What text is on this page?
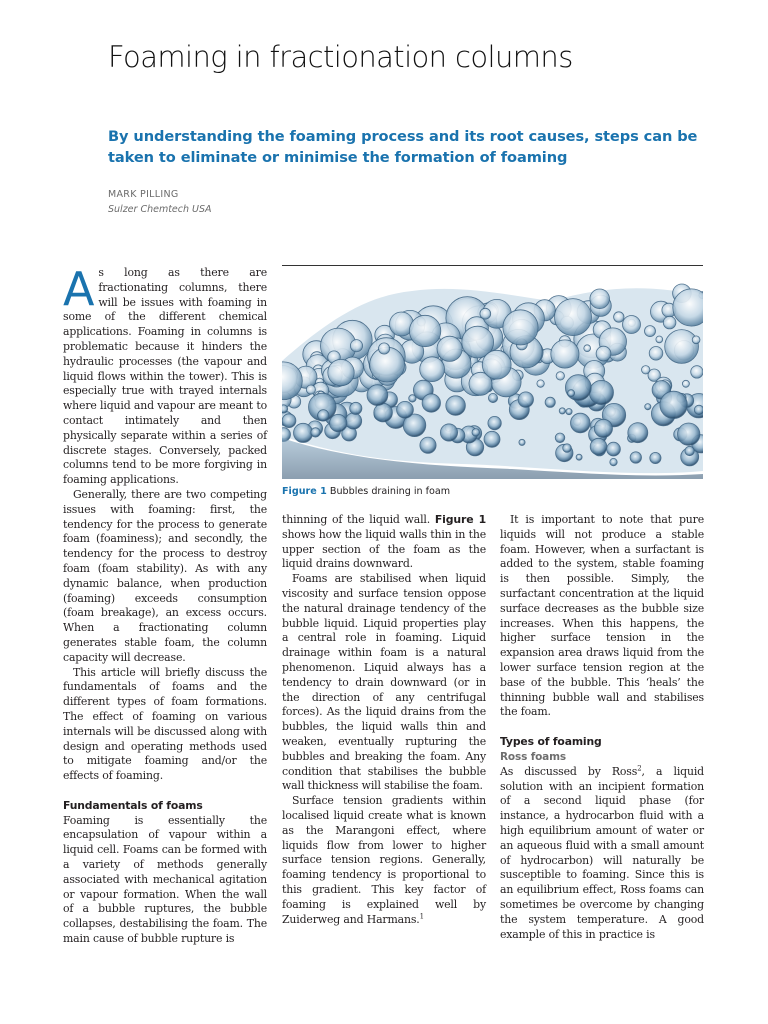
Foaming in fractionation columns

By understanding the foaming process and its root causes, steps can be taken to eliminate or minimise the formation of foaming

MARK PILLING

Sulzer Chemtech USA

Figure 1 Bubbles draining in foam

As long as there are fractionating columns, there will be issues with foaming in some of the different chemical applications. Foaming in columns is problematic because it hinders the hydraulic processes (the vapour and liquid flows within the tower). This is especially true with trayed internals where liquid and vapour are meant to contact intimately and then physically separate within a series of discrete stages. Conversely, packed columns tend to be more forgiving in foaming applications.

Generally, there are two competing issues with foaming: first, the tendency for the process to generate foam (foaminess); and secondly, the tendency for the process to destroy foam (foam stability). As with any dynamic balance, when production (foaming) exceeds consumption (foam breakage), an excess occurs. When a fractionating column generates stable foam, the column capacity will decrease.

This article will briefly discuss the fundamentals of foams and the different types of foam formations. The effect of foaming on various internals will be discussed along with design and operating methods used to mitigate foaming and/or the effects of foaming.

Fundamentals of foams

Foaming is essentially the encapsulation of vapour within a liquid cell. Foams can be formed with a variety of methods generally associated with mechanical agitation or vapour formation. When the wall of a bubble ruptures, the bubble collapses, destabilising the foam. The main cause of bubble rupture is

thinning of the liquid wall. Figure 1 shows how the liquid walls thin in the upper section of the foam as the liquid drains downward.

Foams are stabilised when liquid viscosity and surface tension oppose the natural drainage tendency of the bubble liquid. Liquid properties play a central role in foaming. Liquid drainage within foam is a natural phenomenon. Liquid always has a tendency to drain downward (or in the direction of any centrifugal forces). As the liquid drains from the bubbles, the liquid walls thin and weaken, eventually rupturing the bubbles and breaking the foam. Any condition that stabilises the bubble wall thickness will stabilise the foam.

Surface tension gradients within localised liquid create what is known as the Marangoni effect, where liquids flow from lower to higher surface tension regions. Generally, foaming tendency is proportional to this gradient. This key factor of foaming is explained well by Zuiderweg and Harmans.$^1$

It is important to note that pure liquids will not produce a stable foam. However, when a surfactant is added to the system, stable foaming is then possible. Simply, the surfactant concentration at the liquid surface decreases as the bubble size increases. When this happens, the higher surface tension in the expansion area draws liquid from the lower surface tension region at the base of the bubble. This ‘heals’ the thinning bubble wall and stabilises the foam.

Types of foaming
Ross foams

As discussed by Ross$^2$, a liquid solution with an incipient formation of a second liquid phase (for instance, a hydrocarbon fluid with a high equilibrium amount of water or an aqueous fluid with a small amount of hydrocarbon) will naturally be susceptible to foaming. Since this is an equilibrium effect, Ross foams can sometimes be overcome by changing the system temperature. A good example of this in practice is
